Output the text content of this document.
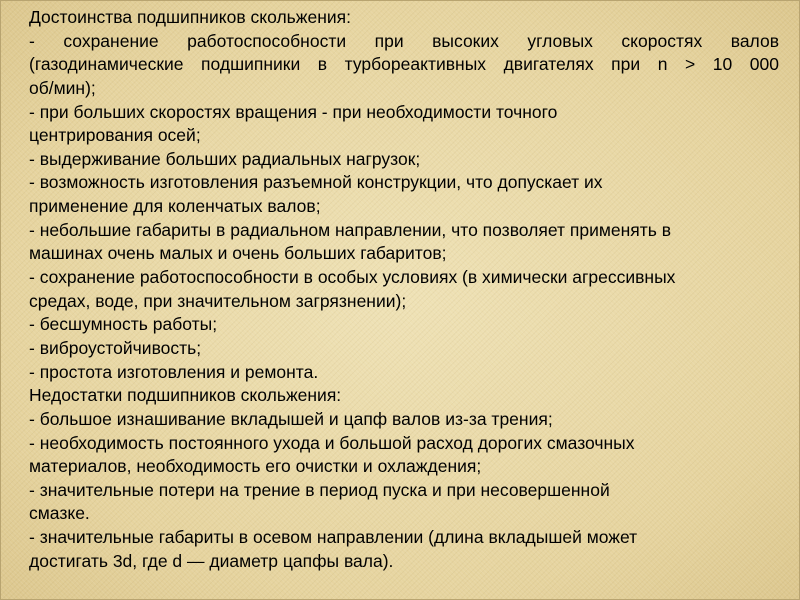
Достоинства подшипников скольжения:
- сохранение работоспособности при высоких угловых скоростях валов
(газодинамические подшипники в турбореактивных двигателях при n > 10 000
об/мин);
- при больших скоростях вращения - при необходимости точного
центрирования осей;
- выдерживание больших радиальных нагрузок;
- возможность изготовления разъемной конструкции, что допускает их
применение для коленчатых валов;
- небольшие габариты в радиальном направлении, что позволяет применять в
машинах очень малых и очень больших габаритов;
- сохранение работоспособности в особых условиях (в химически агрессивных
средах, воде, при значительном загрязнении);
- бесшумность работы;
- виброустойчивость;
- простота изготовления и ремонта.
Недостатки подшипников скольжения:
- большое изнашивание вкладышей и цапф валов из-за трения;
- необходимость постоянного ухода и большой расход дорогих смазочных
материалов, необходимость его очистки и охлаждения;
- значительные потери на трение в период пуска и при несовершенной
смазке.
- значительные габариты в осевом направлении (длина вкладышей может
достигать 3d, где d — диаметр цапфы вала).
